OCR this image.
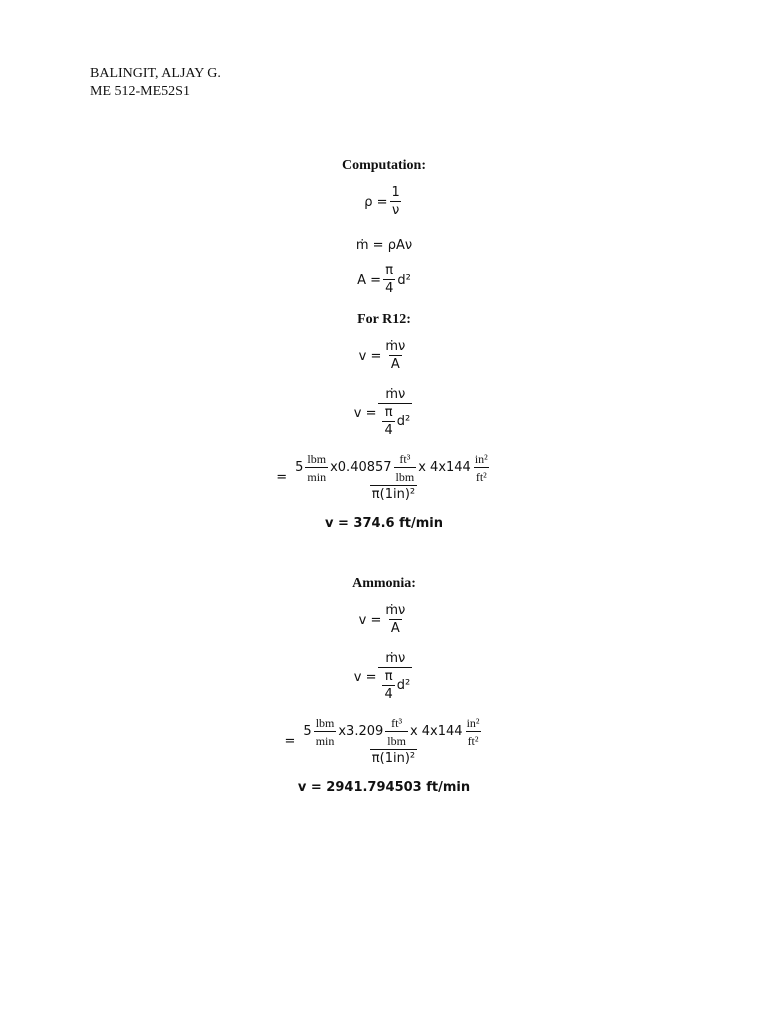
BALINGIT, ALJAY G.
ME 512-ME52S1
Computation:
$\rho = \frac{1}{\nu}$
ṁ = ρAν
$A = \frac{\pi}{4} d^2$
For R12:
$v = \frac{\text{ṁν}}{A}$
$v = \frac{\text{ṁν}}{\frac{\pi}{4} d^2}$
=
$5 \frac{\text{lbm}}{\min} x0.40857 \frac{\text{ft³}}{\text{lbm}}$ x $4x144 \frac{\text{in²}}{\text{ft²}}$
π(1in)²
v = 374.6 ft/min
Ammonia:
$v = \frac{\text{ṁν}}{A}$
$v = \frac{\text{ṁν}}{\frac{\pi}{4} d^2}$
=
$5 \frac{\text{lbm}}{\min} x3.209 \frac{\text{ft³}}{\text{lbm}}$ x $4x144 \frac{\text{in²}}{\text{ft²}}$
π(1in)²
v = 2941.794503 ft/min
